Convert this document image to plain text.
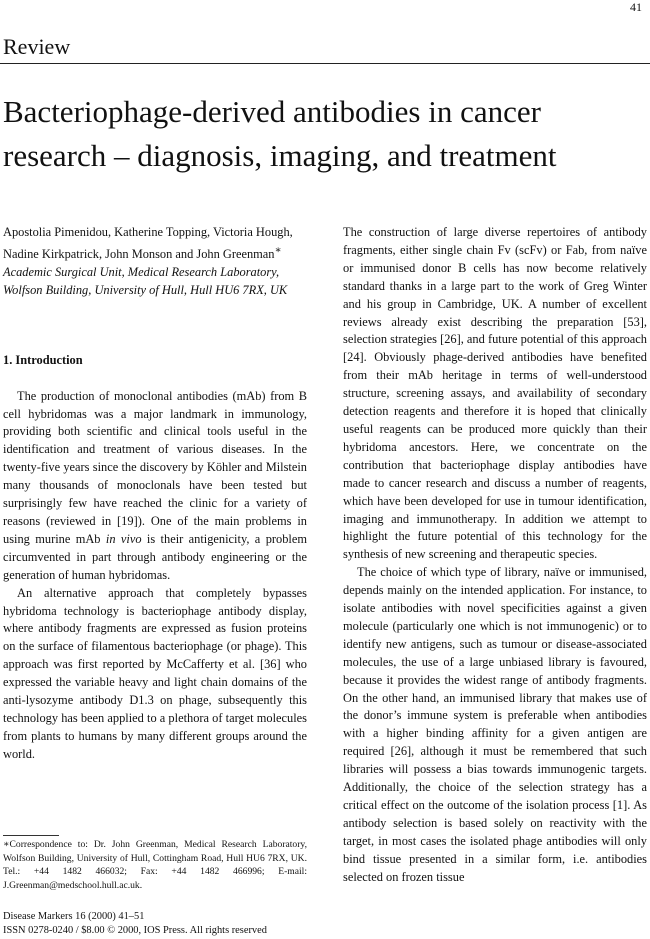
41
Review
Bacteriophage-derived antibodies in cancer research – diagnosis, imaging, and treatment

Apostolia Pimenidou, Katherine Topping, Victoria Hough, Nadine Kirkpatrick, John Monson and John Greenman∗

Academic Surgical Unit, Medical Research Laboratory, Wolfson Building, University of Hull, Hull HU6 7RX, UK

1. Introduction

The production of monoclonal antibodies (mAb) from B cell hybridomas was a major landmark in immunology, providing both scientific and clinical tools useful in the identification and treatment of various diseases. In the twenty-five years since the discovery by Köhler and Milstein many thousands of monoclonals have been tested but surprisingly few have reached the clinic for a variety of reasons (reviewed in [19]). One of the main problems in using murine mAb in vivo is their antigenicity, a problem circumvented in part through antibody engineering or the generation of human hybridomas.

An alternative approach that completely bypasses hybridoma technology is bacteriophage antibody display, where antibody fragments are expressed as fusion proteins on the surface of filamentous bacteriophage (or phage). This approach was first reported by McCafferty et al. [36] who expressed the variable heavy and light chain domains of the anti-lysozyme antibody D1.3 on phage, subsequently this technology has been applied to a plethora of target molecules from plants to humans by many different groups around the world.

The construction of large diverse repertoires of antibody fragments, either single chain Fv (scFv) or Fab, from naïve or immunised donor B cells has now become relatively standard thanks in a large part to the work of Greg Winter and his group in Cambridge, UK. A number of excellent reviews already exist describing the preparation [53], selection strategies [26], and future potential of this approach [24]. Obviously phage-derived antibodies have benefited from their mAb heritage in terms of well-understood structure, screening assays, and availability of secondary detection reagents and therefore it is hoped that clinically useful reagents can be produced more quickly than their hybridoma ancestors. Here, we concentrate on the contribution that bacteriophage display antibodies have made to cancer research and discuss a number of reagents, which have been developed for use in tumour identification, imaging and immunotherapy. In addition we attempt to highlight the future potential of this technology for the synthesis of new screening and therapeutic species.

The choice of which type of library, naïve or immunised, depends mainly on the intended application. For instance, to isolate antibodies with novel specificities against a given molecule (particularly one which is not immunogenic) or to identify new antigens, such as tumour or disease-associated molecules, the use of a large unbiased library is favoured, because it provides the widest range of antibody fragments. On the other hand, an immunised library that makes use of the donor’s immune system is preferable when antibodies with a higher binding affinity for a given antigen are required [26], although it must be remembered that such libraries will possess a bias towards immunogenic targets. Additionally, the choice of the selection strategy has a critical effect on the outcome of the isolation process [1]. As antibody selection is based solely on reactivity with the target, in most cases the isolated phage antibodies will only bind tissue presented in a similar form, i.e. antibodies selected on frozen tissue

∗Correspondence to: Dr. John Greenman, Medical Research Laboratory, Wolfson Building, University of Hull, Cottingham Road, Hull HU6 7RX, UK. Tel.: +44 1482 466032; Fax: +44 1482 466996; E-mail: J.Greenman@medschool.hull.ac.uk.
Disease Markers 16 (2000) 41–51
ISSN 0278-0240 / $8.00 © 2000, IOS Press. All rights reserved
